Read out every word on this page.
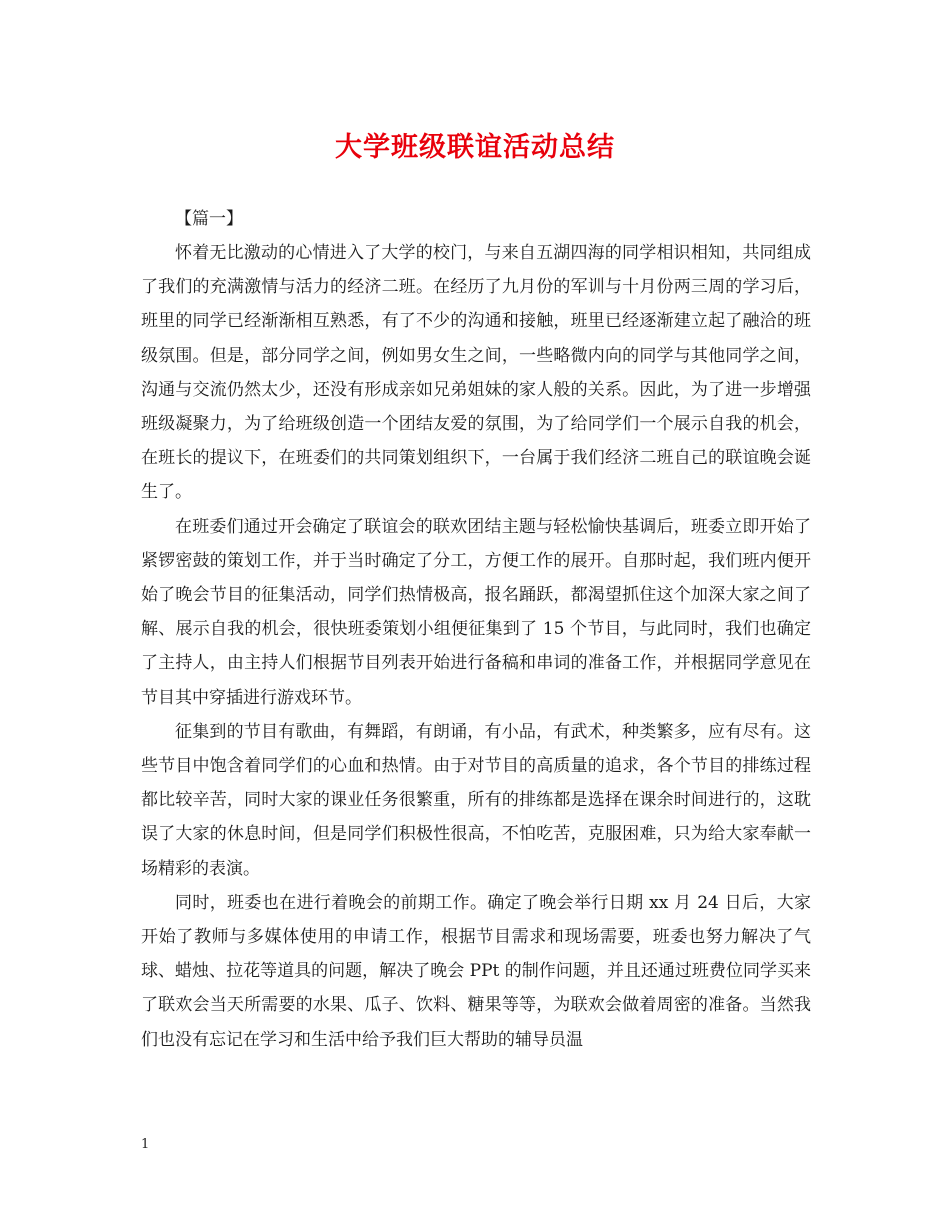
大学班级联谊活动总结

【篇一】

怀着无比激动的心情进入了大学的校门，与来自五湖四海的同学相识相知，共同组成了我们的充满激情与活力的经济二班。在经历了九月份的军训与十月份两三周的学习后，班里的同学已经渐渐相互熟悉，有了不少的沟通和接触，班里已经逐渐建立起了融洽的班级氛围。但是，部分同学之间，例如男女生之间，一些略微内向的同学与其他同学之间，沟通与交流仍然太少，还没有形成亲如兄弟姐妹的家人般的关系。因此，为了进一步增强班级凝聚力，为了给班级创造一个团结友爱的氛围，为了给同学们一个展示自我的机会，在班长的提议下，在班委们的共同策划组织下，一台属于我们经济二班自己的联谊晚会诞生了。

在班委们通过开会确定了联谊会的联欢团结主题与轻松愉快基调后，班委立即开始了紧锣密鼓的策划工作，并于当时确定了分工，方便工作的展开。自那时起，我们班内便开始了晚会节目的征集活动，同学们热情极高，报名踊跃，都渴望抓住这个加深大家之间了解、展示自我的机会，很快班委策划小组便征集到了 15 个节目，与此同时，我们也确定了主持人，由主持人们根据节目列表开始进行备稿和串词的准备工作，并根据同学意见在节目其中穿插进行游戏环节。

征集到的节目有歌曲，有舞蹈，有朗诵，有小品，有武术，种类繁多，应有尽有。这些节目中饱含着同学们的心血和热情。由于对节目的高质量的追求，各个节目的排练过程都比较辛苦，同时大家的课业任务很繁重，所有的排练都是选择在课余时间进行的，这耽误了大家的休息时间，但是同学们积极性很高，不怕吃苦，克服困难，只为给大家奉献一场精彩的表演。

同时，班委也在进行着晚会的前期工作。确定了晚会举行日期 xx 月 24 日后，大家开始了教师与多媒体使用的申请工作，根据节目需求和现场需要，班委也努力解决了气球、蜡烛、拉花等道具的问题，解决了晚会 PPt 的制作问题，并且还通过班费位同学买来了联欢会当天所需要的水果、瓜子、饮料、糖果等等，为联欢会做着周密的准备。当然我们也没有忘记在学习和生活中给予我们巨大帮助的辅导员温

1
